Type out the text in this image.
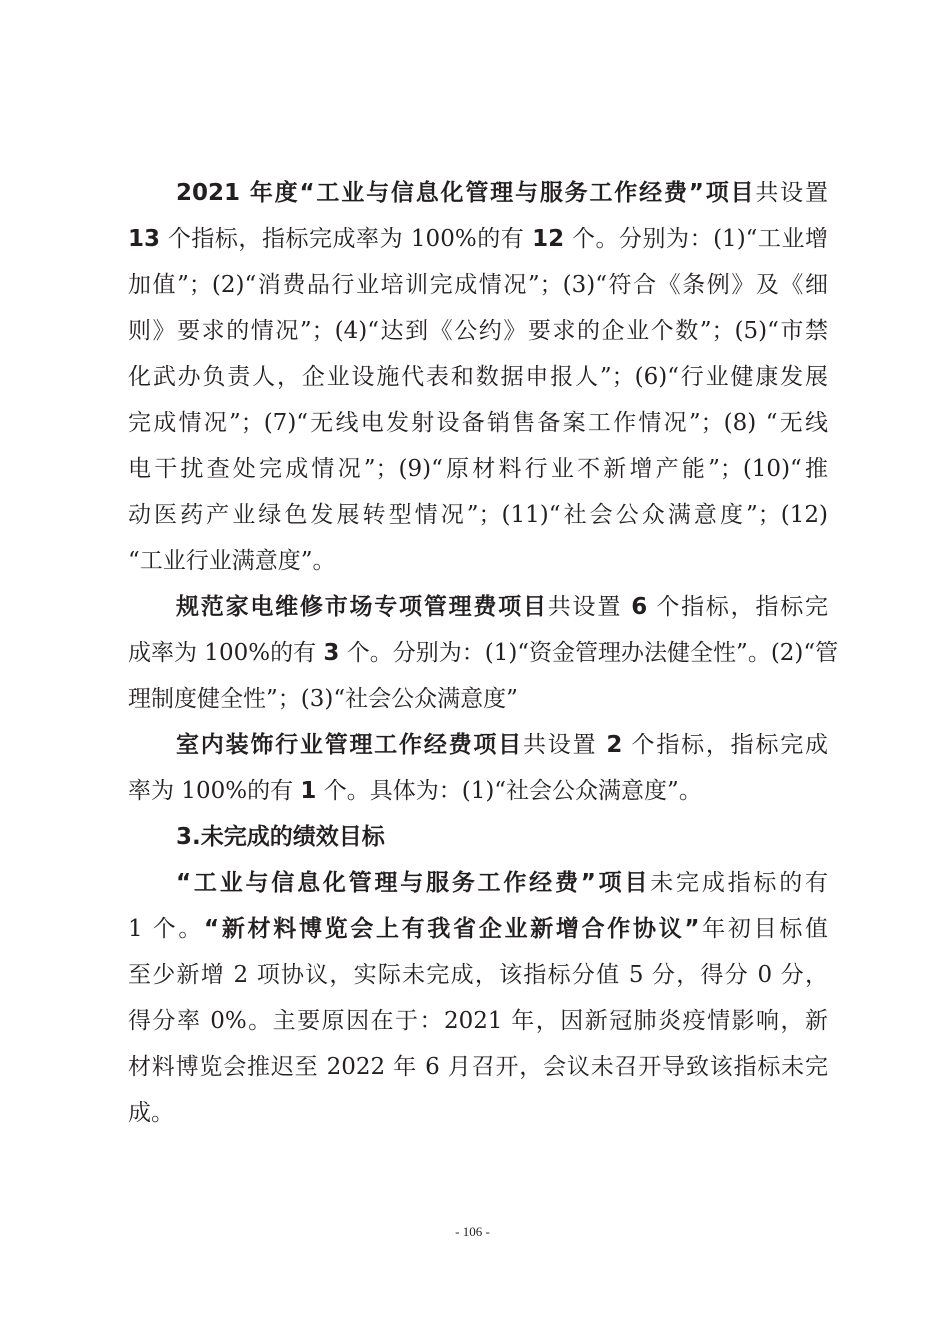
2021 年度“工业与信息化管理与服务工作经费”项目共设置
13 个指标，指标完成率为 100%的有 12 个。分别为：(1)“工业增
加值”；(2)“消费品行业培训完成情况”；(3)“符合《条例》及《细
则》要求的情况”；(4)“达到《公约》要求的企业个数”；(5)“市禁
化武办负责人，企业设施代表和数据申报人”；(6)“行业健康发展
完成情况”；(7)“无线电发射设备销售备案工作情况”；(8) “无线
电干扰查处完成情况”；(9)“原材料行业不新增产能”；(10)“推
动医药产业绿色发展转型情况”；(11)“社会公众满意度”；(12)
“工业行业满意度”。
规范家电维修市场专项管理费项目共设置 6 个指标，指标完
成率为 100%的有 3 个。分别为：(1)“资金管理办法健全性”。(2)“管
理制度健全性”；(3)“社会公众满意度”
室内装饰行业管理工作经费项目共设置 2 个指标，指标完成
率为 100%的有 1 个。具体为：(1)“社会公众满意度”。
3.未完成的绩效目标
“工业与信息化管理与服务工作经费”项目未完成指标的有
1 个。“新材料博览会上有我省企业新增合作协议”年初目标值
至少新增 2 项协议，实际未完成，该指标分值 5 分，得分 0 分，
得分率 0%。主要原因在于：2021 年，因新冠肺炎疫情影响，新
材料博览会推迟至 2022 年 6 月召开，会议未召开导致该指标未完
成。
- 106 -
